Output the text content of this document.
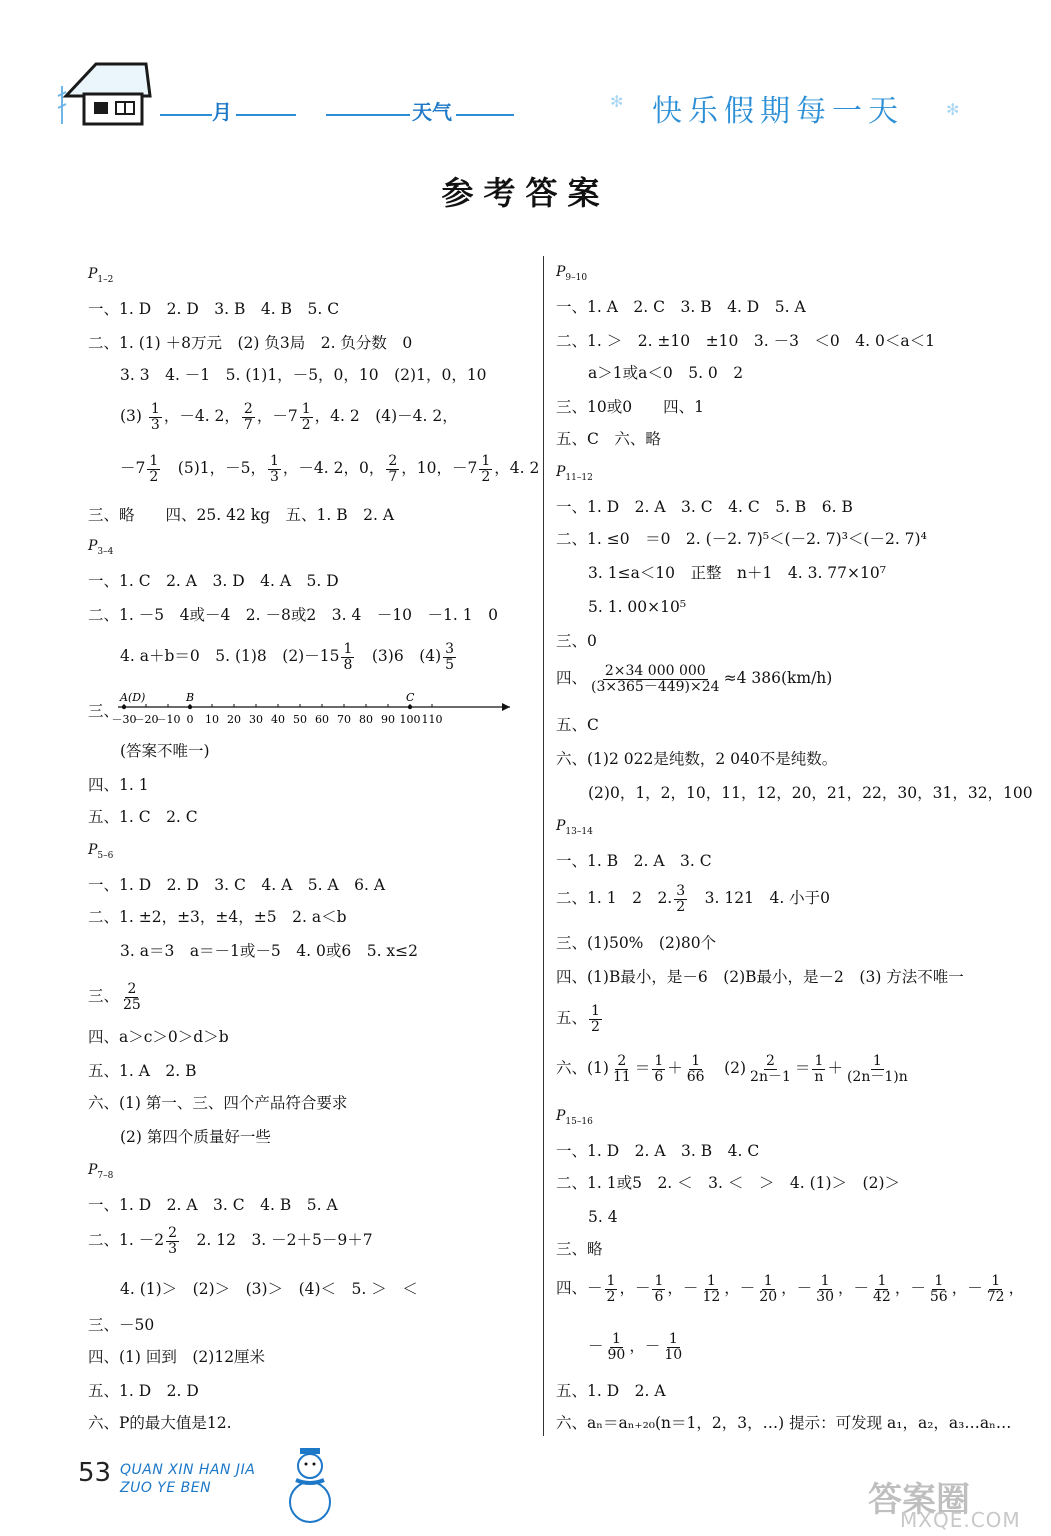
月	天气	快乐假期每一天
✻	✻
参考答案
$P_{1-2}$
一、1. D　2. D　3. B　4. B　5. C
二、1. (1) ＋8万元　(2) 负3局　2. 负分数　0
3. 3　4. －1　5. (1)1，－5，0，10　(2)1，0，10
$(3) \frac{1}{3}$ ，－4. 2， $\frac{2}{7}$ ，$-7 \frac{1}{2}$ ，4. 2　(4)－4. 2，
$-7 \frac{1}{2}$ 　(5)1，－5， $\frac{1}{3}$ ，－4. 2，0， $\frac{2}{7}$ ，10，$-7 \frac{1}{2}$ ，4. 2
三、略　　四、25. 42 kg　五、1. B　2. A
$P_{3-4}$
一、1. C　2. A　3. D　4. A　5. D
二、1. －5　4或－4　2. －8或2　3. 4　－10　－1. 1　0
4. a＋b＝0　5. (1)8　$(2)-15 \frac{1}{8}$ 　(3)6　$(4) \frac{3}{5}$
三、
－30
－20
－10 0 10 20 30 40 50 60 70 80 90 100 110
A(D)	B	C
(答案不唯一)
四、1. 1
五、1. C　2. C
$P_{5-6}$
一、1. D　2. D　3. C　4. A　5. A　6. A
二、1. ±2，±3，±4，±5　2. a＜b
3. a＝3　a＝－1或－5　4. 0或6　5. x≤2
三、 $\frac{2}{25}$
四、a＞c＞0＞d＞b
五、1. A　2. B
六、(1) 第一、三、四个产品符合要求
(2) 第四个质量好一些
$P_{7-8}$
一、1. D　2. A　3. C　4. B　5. A
二、1. $-2 \frac{2}{3}$ 　2. 12　3. －2＋5－9＋7
4. (1)＞　(2)＞　(3)＞　(4)＜　5. ＞　＜
三、－50
四、(1) 回到　(2)12厘米
五、1. D　2. D
六、P的最大值是12.
$P_{9-10}$
一、1. A　2. C　3. B　4. D　5. A
二、1. ＞　2. ±10　±10　3. －3　＜0　4. 0＜a＜1
a＞1或a＜0　5. 0　2
三、10或0　　四、1
五、C　六、略
$P_{11-12}$
一、1. D　2. A　3. C　4. C　5. B　6. B
二、1. ≤0　＝0　2. (－2. 7)⁵＜(－2. 7)³＜(－2. 7)⁴
3. 1≤a＜10　正整　n＋1　4. 3. 77×10⁷
5. 1. 00×10⁵
三、0
四、 $\frac{2\times 34 000 000}{(3\times 365-449)\times 24} \approx 4$ 386(km/h)
五、C
六、(1)2 022是纯数，2 040不是纯数。
(2)0，1，2，10，11，12，20，21，22，30，31，32，100
$P_{13-14}$
一、1. B　2. A　3. C
二、1. 1　2　2. $\frac{3}{2}$ 　3. 121　4. 小于0
三、(1)50%　(2)80个
四、(1)B最小，是－6　(2)B最小，是－2　(3) 方法不唯一
五、 $\frac{1}{2}$
六、$(1) \frac{2}{11} = \frac{1}{6} + \frac{1}{66}$ 　$(2) \frac{2}{2n-1} = \frac{1}{n} + \frac{1}{(2n-1)n}$
$P_{15-16}$
一、1. D　2. A　3. B　4. C
二、1. 1或5　2. ＜　3. ＜　＞　4. (1)＞　(2)＞
5. 4
三、略
四、－ $\frac{1}{2}$ ，－ $\frac{1}{6}$ ，－ $\frac{1}{12}$ ，－ $\frac{1}{20}$ ，－ $\frac{1}{30}$ ，－ $\frac{1}{42}$ ，－ $\frac{1}{56}$ ，－ $\frac{1}{72}$ ，
－ $\frac{1}{90}$ ，－ $\frac{1}{10}$
五、1. D　2. A
六、aₙ＝aₙ₊₂₀(n＝1，2，3，…) 提示：可发现 a₁，a₂，a₃…aₙ…
53 QUAN XIN HAN JIA
ZUO YE BEN	答案圈
MXQE.COM
